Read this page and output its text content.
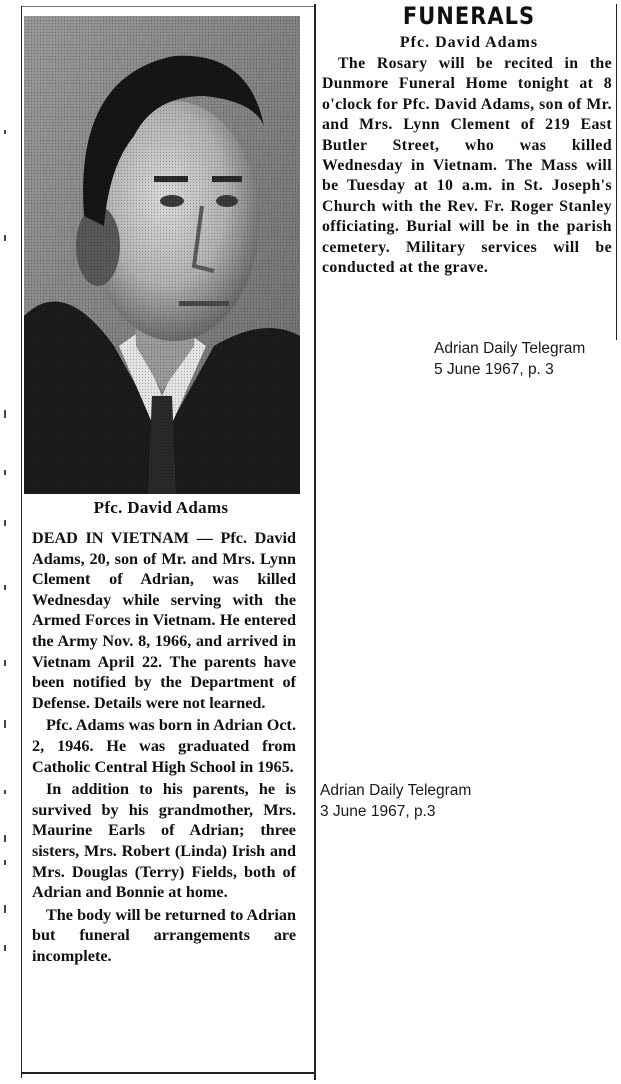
Pfc. David Adams

DEAD IN VIETNAM — Pfc. David Adams, 20, son of Mr. and Mrs. Lynn Clement of Adrian, was killed Wednesday while serving with the Armed Forces in Vietnam. He entered the Army Nov. 8, 1966, and arrived in Vietnam April 22. The parents have been notified by the Department of Defense. Details were not learned.

Pfc. Adams was born in Adrian Oct. 2, 1946. He was graduated from Catholic Central High School in 1965.

In addition to his parents, he is survived by his grandmother, Mrs. Maurine Earls of Adrian; three sisters, Mrs. Robert (Linda) Irish and Mrs. Douglas (Terry) Fields, both of Adrian and Bonnie at home.

The body will be returned to Adrian but funeral arrangements are incomplete.

FUNERALS
Pfc. David Adams

The Rosary will be recited in the Dunmore Funeral Home tonight at 8 o'clock for Pfc. David Adams, son of Mr. and Mrs. Lynn Clement of 219 East Butler Street, who was killed Wednesday in Vietnam. The Mass will be Tuesday at 10 a.m. in St. Joseph's Church with the Rev. Fr. Roger Stanley officiating. Burial will be in the parish cemetery. Military services will be conducted at the grave.

Adrian Daily Telegram
5 June 1967, p. 3
Adrian Daily Telegram
3 June 1967, p.3
